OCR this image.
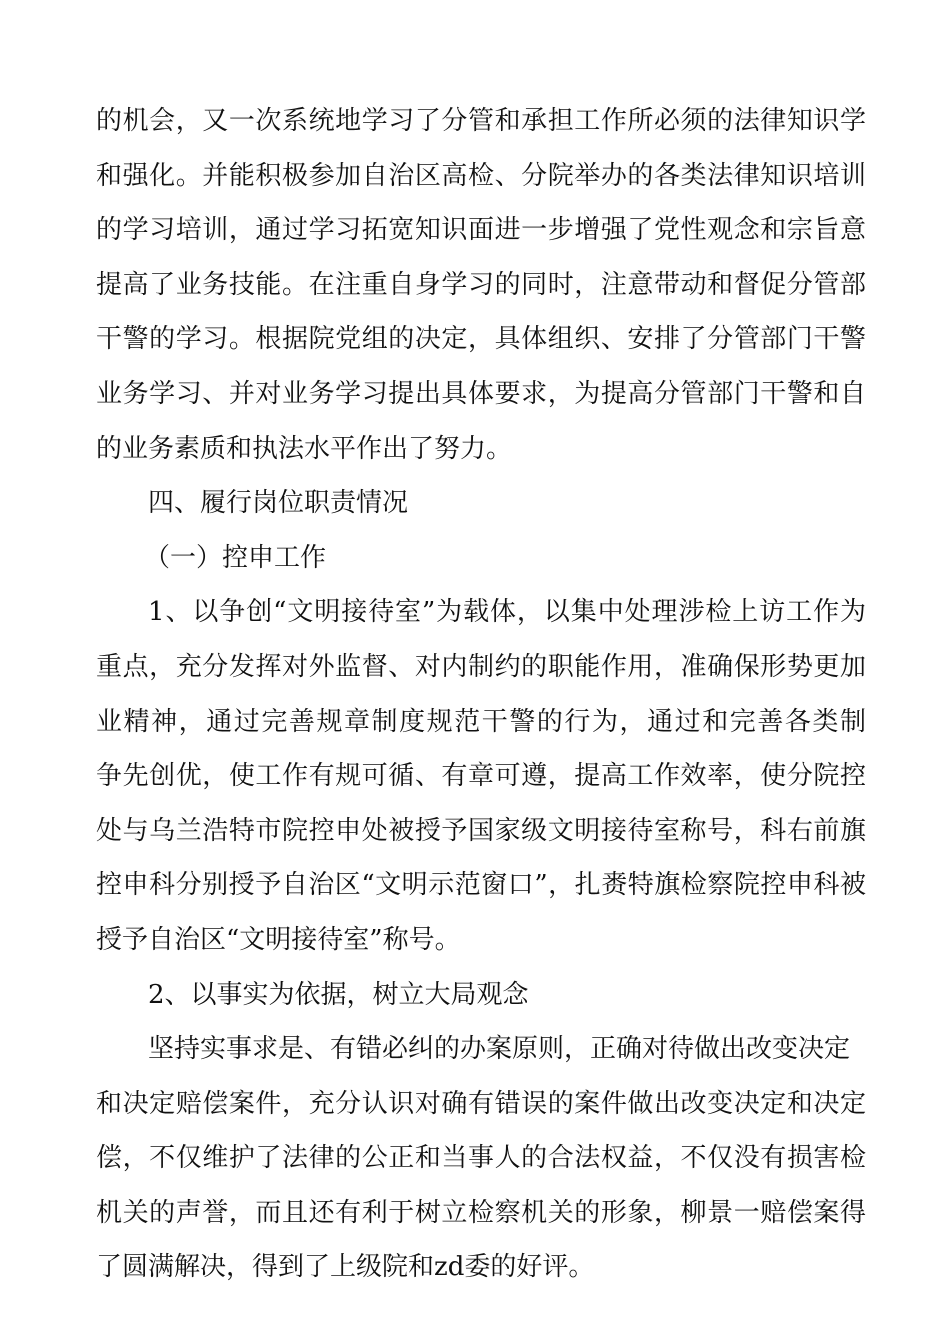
的机会，又一次系统地学习了分管和承担工作所必须的法律知识学
和强化。并能积极参加自治区高检、分院举办的各类法律知识培训
的学习培训，通过学习拓宽知识面进一步增强了党性观念和宗旨意
提高了业务技能。在注重自身学习的同时，注意带动和督促分管部
干警的学习。根据院党组的决定，具体组织、安排了分管部门干警
业务学习、并对业务学习提出具体要求，为提高分管部门干警和自
的业务素质和执法水平作出了努力。
四、履行岗位职责情况
（一）控申工作
1、以争创“文明接待室”为载体，以集中处理涉检上访工作为
重点，充分发挥对外监督、对内制约的职能作用，准确保形势更加
业精神，通过完善规章制度规范干警的行为，通过和完善各类制
争先创优，使工作有规可循、有章可遵，提高工作效率，使分院控
处与乌兰浩特市院控申处被授予国家级文明接待室称号，科右前旗
控申科分别授予自治区“文明示范窗口”，扎赉特旗检察院控申科被
授予自治区“文明接待室”称号。
2、以事实为依据，树立大局观念
坚持实事求是、有错必纠的办案原则，正确对待做出改变决定
和决定赔偿案件，充分认识对确有错误的案件做出改变决定和决定
偿，不仅维护了法律的公正和当事人的合法权益，不仅没有损害检
机关的声誉，而且还有利于树立检察机关的形象，柳景一赔偿案得
了圆满解决，得到了上级院和zd委的好评。
